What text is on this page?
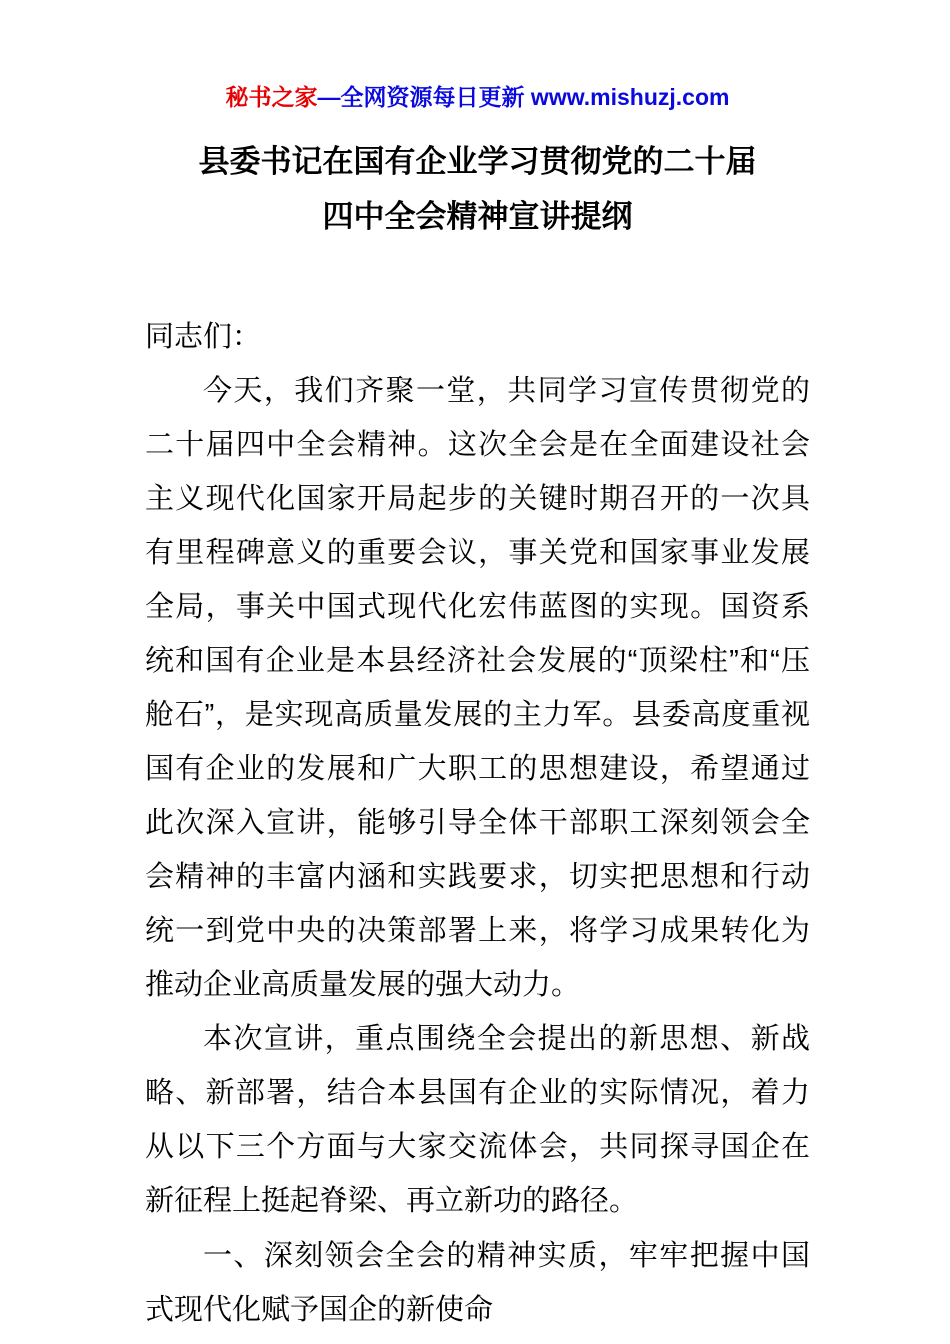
秘书之家—全网资源每日更新 www.mishuzj.com
县委书记在国有企业学习贯彻党的二十届
四中全会精神宣讲提纲

同志们：

今天，我们齐聚一堂，共同学习宣传贯彻党的二十届四中全会精神。这次全会是在全面建设社会主义现代化国家开局起步的关键时期召开的一次具有里程碑意义的重要会议，事关党和国家事业发展全局，事关中国式现代化宏伟蓝图的实现。国资系统和国有企业是本县经济社会发展的“顶梁柱”和“压舱石”，是实现高质量发展的主力军。县委高度重视国有企业的发展和广大职工的思想建设，希望通过此次深入宣讲，能够引导全体干部职工深刻领会全会精神的丰富内涵和实践要求，切实把思想和行动统一到党中央的决策部署上来，将学习成果转化为推动企业高质量发展的强大动力。

本次宣讲，重点围绕全会提出的新思想、新战略、新部署，结合本县国有企业的实际情况，着力从以下三个方面与大家交流体会，共同探寻国企在新征程上挺起脊梁、再立新功的路径。

一、深刻领会全会的精神实质，牢牢把握中国式现代化赋予国企的新使命
